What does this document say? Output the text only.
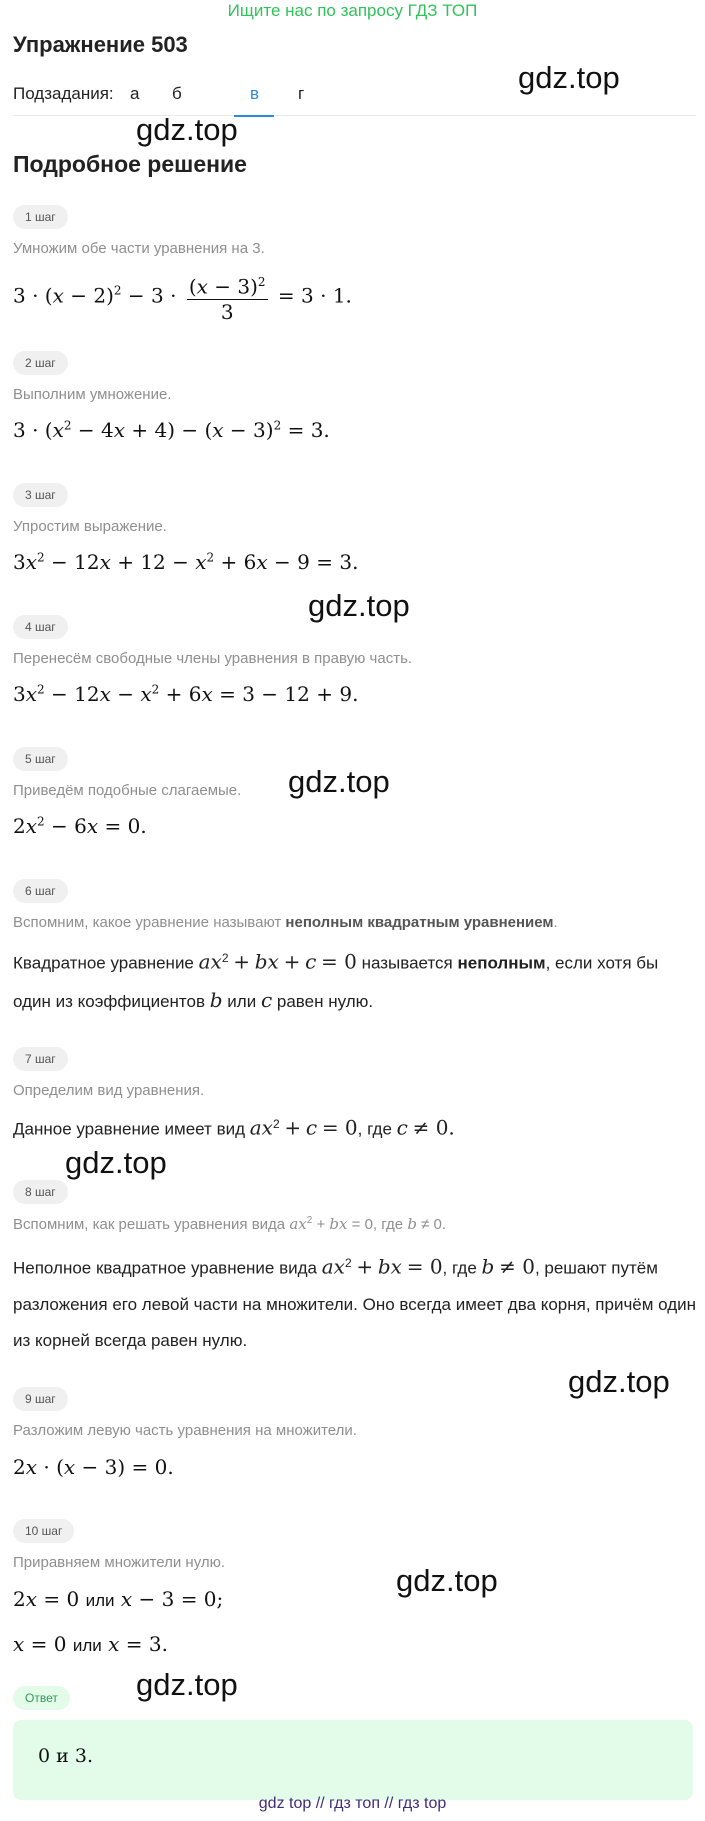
Ищите нас по запросу ГДЗ ТОП
Упражнение 503
Подзадания: а б	в г	gdz.top
gdz.top
gdz.top
gdz.top
gdz.top
gdz.top
gdz.top
gdz.top
Подробное решение
1 шаг
Умножим обе части уравнения на 3.
$3 \cdot (x - 2)^2 - 3 \cdot \frac{(x - 3)^2}{3} = 3 \cdot 1$.
2 шаг
Выполним умножение.
$3 \cdot (x^2 - 4x + 4) - (x - 3)^2 = 3$.
3 шаг
Упростим выражение.
$3x^2 - 12x + 12 - x^2 + 6x - 9 = 3$.
4 шаг
Перенесём свободные члены уравнения в правую часть.
$3x^2 - 12x - x^2 + 6x = 3 - 12 + 9$.
5 шаг
Приведём подобные слагаемые.
$2x^2 - 6x = 0$.
6 шаг
Вспомним, какое уравнение называют неполным квадратным уравнением.
Квадратное уравнение $ax^2$ + bx + c = 0 называется неполным, если хотя бы один из коэффициентов b или c равен нулю.
7 шаг
Определим вид уравнения.
Данное уравнение имеет вид $ax^2 + c = 0$, где c ≠ 0.
8 шаг
Вспомним, как решать уравнения вида $ax^2$ + bx = 0, где b ≠ 0.
Неполное квадратное уравнение вида $ax^2$ + bx = 0, где b ≠ 0, решают путём разложения его левой части на множители. Оно всегда имеет два корня, причём один из корней всегда равен нулю.
9 шаг
Разложим левую часть уравнения на множители.
2x · (x − 3) = 0.
10 шаг
Приравняем множители нулю.
2x = 0 или x − 3 = 0;
x = 0 или x = 3.
Ответ
0 и 3.
gdz top // гдз топ // гдз top
